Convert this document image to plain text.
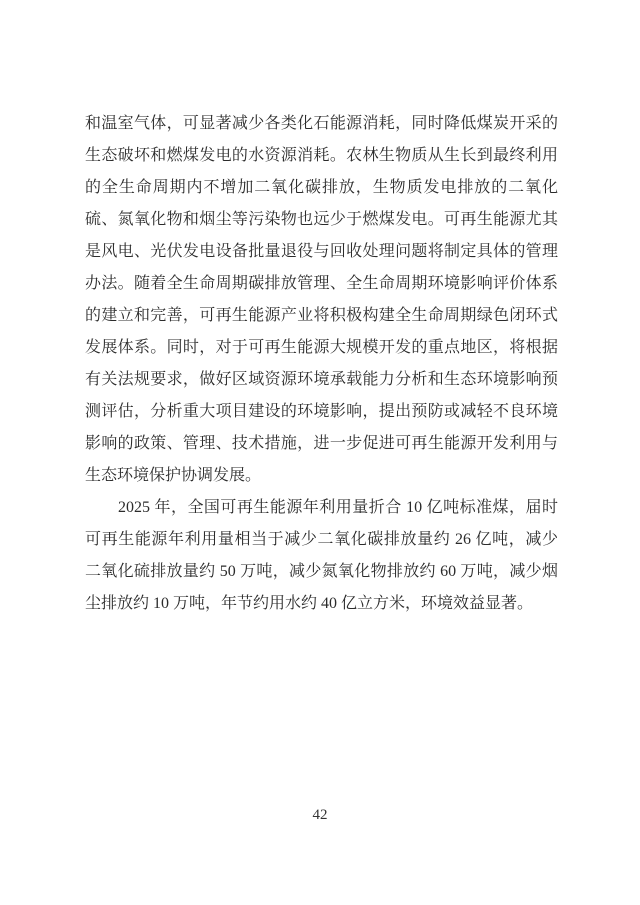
和温室气体，可显著减少各类化石能源消耗，同时降低煤炭开采的
生态破坏和燃煤发电的水资源消耗。农林生物质从生长到最终利用
的全生命周期内不增加二氧化碳排放，生物质发电排放的二氧化
硫、氮氧化物和烟尘等污染物也远少于燃煤发电。可再生能源尤其
是风电、光伏发电设备批量退役与回收处理问题将制定具体的管理
办法。随着全生命周期碳排放管理、全生命周期环境影响评价体系
的建立和完善，可再生能源产业将积极构建全生命周期绿色闭环式
发展体系。同时，对于可再生能源大规模开发的重点地区，将根据
有关法规要求，做好区域资源环境承载能力分析和生态环境影响预
测评估，分析重大项目建设的环境影响，提出预防或减轻不良环境
影响的政策、管理、技术措施，进一步促进可再生能源开发利用与
生态环境保护协调发展。
2025 年，全国可再生能源年利用量折合 10 亿吨标准煤，届时
可再生能源年利用量相当于减少二氧化碳排放量约 26 亿吨，减少
二氧化硫排放量约 50 万吨，减少氮氧化物排放约 60 万吨，减少烟
尘排放约 10 万吨，年节约用水约 40 亿立方米，环境效益显著。
42
